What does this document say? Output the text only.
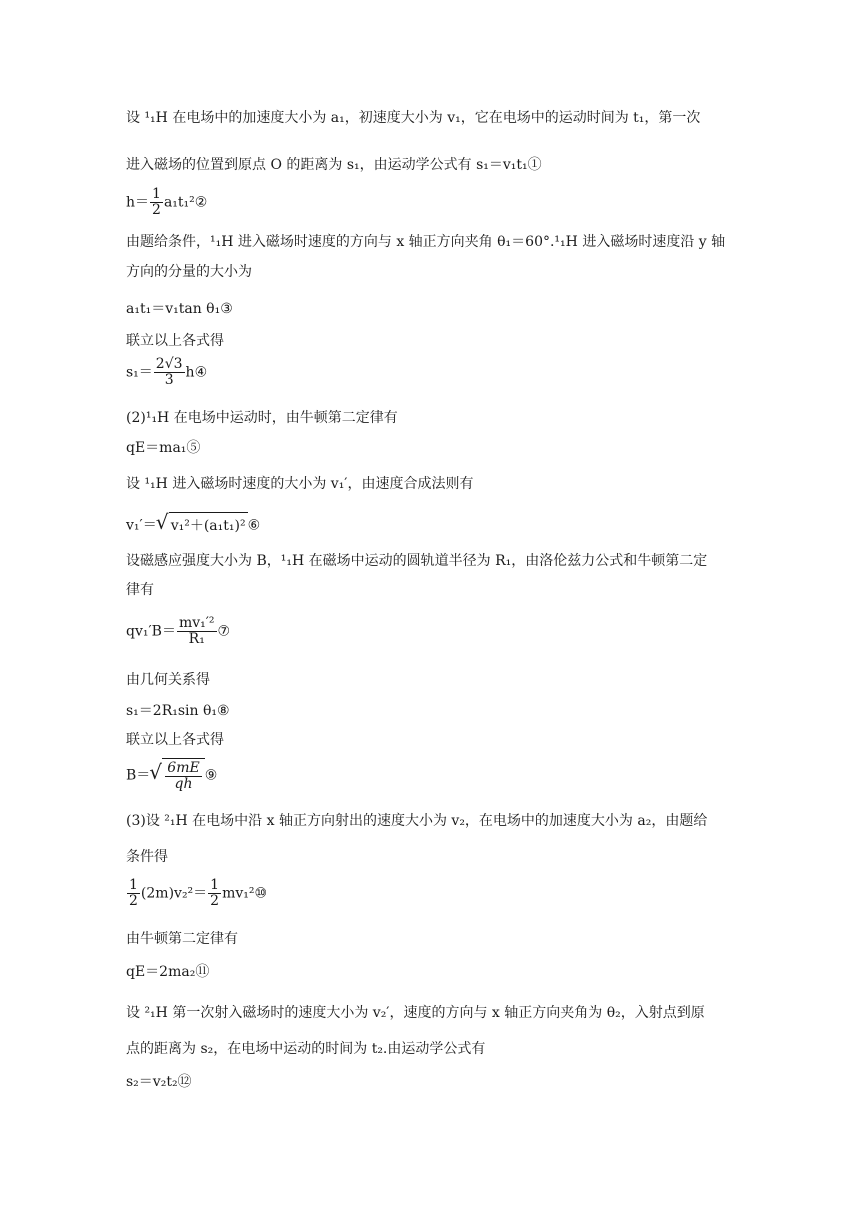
设 ¹₁H 在电场中的加速度大小为 a₁，初速度大小为 v₁，它在电场中的运动时间为 t₁，第一次
进入磁场的位置到原点 O 的距离为 s₁，由运动学公式有 s₁＝v₁t₁①
$h= \frac{1}{2}$ a₁t₁²②
由题给条件，¹₁H 进入磁场时速度的方向与 x 轴正方向夹角 θ₁＝60°.¹₁H 进入磁场时速度沿 y 轴
方向的分量的大小为
a₁t₁＝v₁tan θ₁③
联立以上各式得
$s_1= \frac{2√3}{3}$ h④
(2)¹₁H 在电场中运动时，由牛顿第二定律有
qE＝ma₁⑤
设 ¹₁H 进入磁场时速度的大小为 v₁′，由速度合成法则有
v₁′＝ √ v₁²＋(a₁t₁)² ⑥
设磁感应强度大小为 B，¹₁H 在磁场中运动的圆轨道半径为 R₁，由洛伦兹力公式和牛顿第二定
律有
$qv_1'B= \frac{\text{mv₁′²}}{\text{R₁}}$ ⑦
由几何关系得
s₁＝2R₁sin θ₁⑧
联立以上各式得
B＝ √ $\frac{6mE}{qh}$ ⑨
(3)设 ²₁H 在电场中沿 x 轴正方向射出的速度大小为 v₂，在电场中的加速度大小为 a₂，由题给
条件得
$\frac{1}{2} (2m)v_2^2= \frac{1}{2}$ mv₁²⑩
由牛顿第二定律有
qE＝2ma₂⑪
设 ²₁H 第一次射入磁场时的速度大小为 v₂′，速度的方向与 x 轴正方向夹角为 θ₂，入射点到原
点的距离为 s₂，在电场中运动的时间为 t₂.由运动学公式有
s₂＝v₂t₂⑫
